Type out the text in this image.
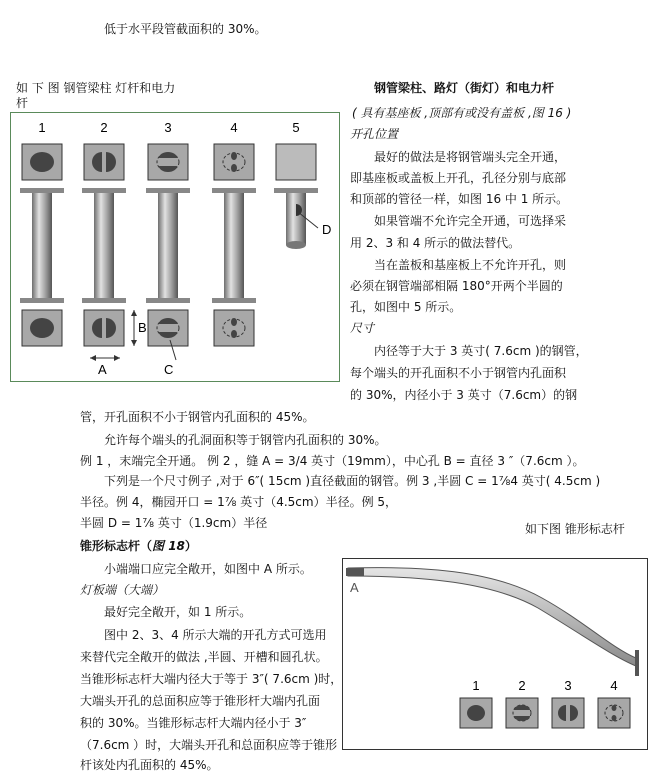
低于水平段管截面积的 30%。
如 下 图 钢管梁柱 灯杆和电力
杆
1	2	3	4	5
D
B
A	C
钢管梁柱、路灯（街灯）和电力杆
( 具有基座板 ,顶部有或没有盖板 ,图 16 )
开孔位置
最好的做法是将钢管端头完全开通，
即基座板或盖板上开孔，孔径分别与底部
和顶部的管径一样，如图 16 中 1 所示。
如果管端不允许完全开通，可选择采
用 2、3 和 4 所示的做法替代。
当在盖板和基座板上不允许开孔，则
必须在钢管端部相隔 180°开两个半圆的
孔，如图中 5 所示。
尺寸
内径等于大于 3 英寸( 7.6cm )的钢管，
每个端头的开孔面积不小于钢管内孔面积
的 30%，内径小于 3 英寸（7.6cm）的钢
管，开孔面积不小于钢管内孔面积的 45%。
允许每个端头的孔洞面积等于钢管内孔面积的 30%。
例 1 ，末端完全开通。 例 2 ，缝 A = 3/4 英寸（19mm），中心孔 B = 直径 3 ″（7.6cm ）。
下列是一个尺寸例子 ,对于 6″( 15cm )直径截面的钢管。例 3 ,半圆 C = 1⅞4 英寸( 4.5cm )
半径。例 4，椭园开口 = 1⅞ 英寸（4.5cm）半径。例 5，
半圆 D = 1⅞ 英寸（1.9cm）半径	如下图 锥形标志杆
锥形标志杆（图 18）
小端端口应完全敞开，如图中 A 所示。
灯板端（大端）
最好完全敞开，如 1 所示。
图中 2、3、4 所示大端的开孔方式可选用
来替代完全敞开的做法 ,半圆、开槽和圆孔状。
当锥形标志杆大端内径大于等于 3″( 7.6cm )时，
大端头开孔的总面积应等于锥形杆大端内孔面
积的 30%。当锥形标志杆大端内径小于 3″
（7.6cm ）时，大端头开孔和总面积应等于锥形
杆该处内孔面积的 45%。
A
1	2	3	4
